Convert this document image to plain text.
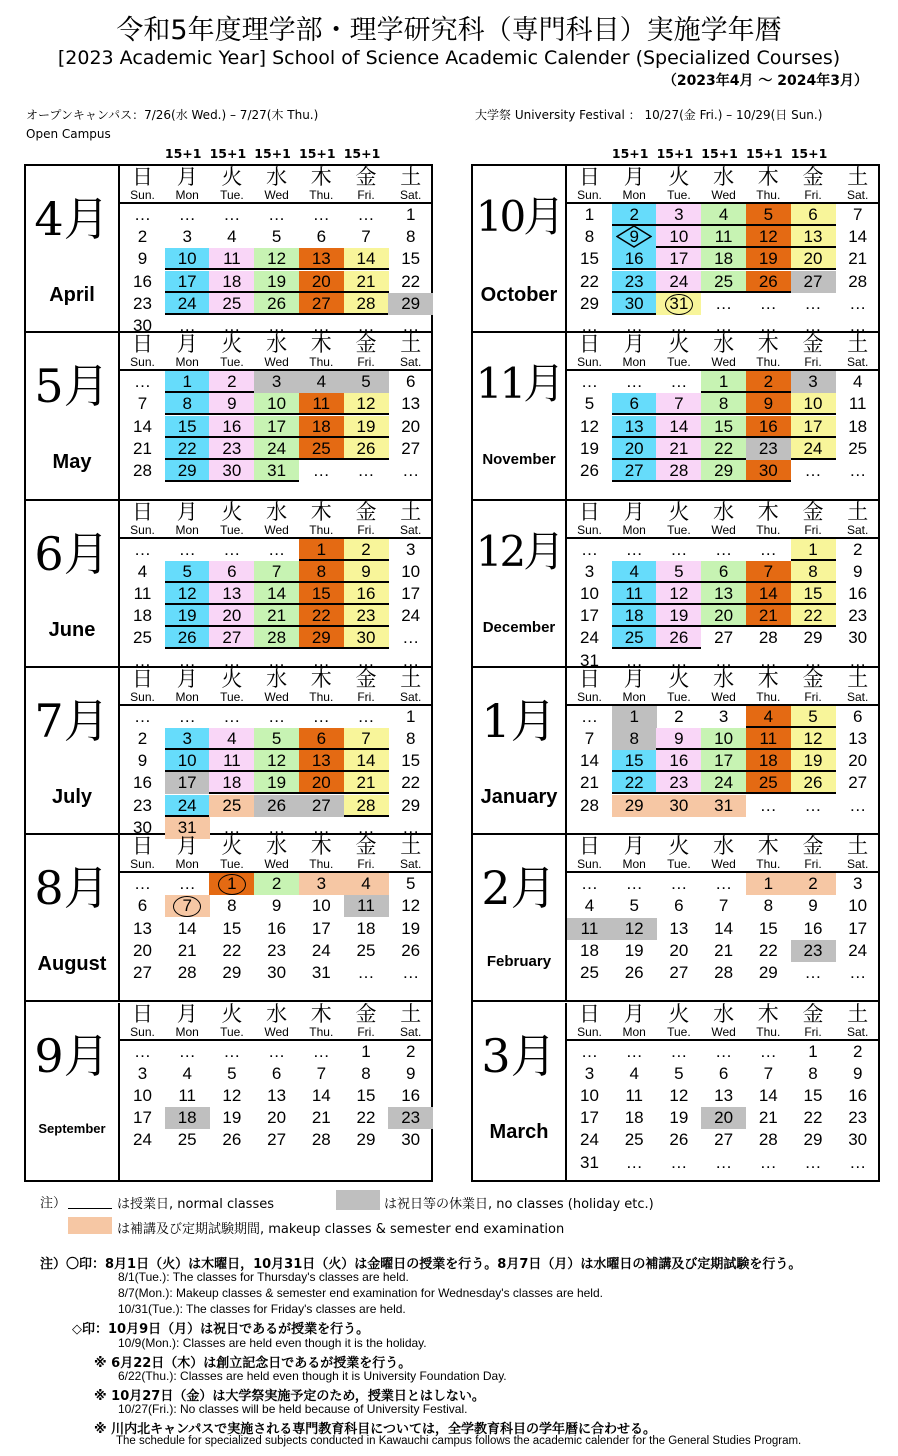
令和5年度理学部・理学研究科（専門科目）実施学年暦
[2023 Academic Year] School of Science Academic Calender (Specialized Courses)
（2023年4月 ～ 2024年3月）
オープンキャンパス：7/26(水 Wed.) – 7/27(木 Thu.)
Open Campus
大学祭 University Festival ： 10/27(金 Fri.) – 10/29(日 Sun.)
15+1 15+1 15+1 15+1 15+1	15+1 15+1 15+1 15+1 15+1
4月
April
日
Sun.
月
Mon
火
Tue.
水
Wed
木
Thu.
金
Fri.
土
Sat.
…	…	…	…	…	…	1
2	3	4	5	6	7	8
9	10	11	12	13	14	15
16	17	18	19	20	21	22
23	24	25	26	27	28	29
30	…	…	…	…	…	…
5月
May
日
Sun.
月
Mon
火
Tue.
水
Wed
木
Thu.
金
Fri.
土
Sat.
…	1	2	3	4	5	6
7	8	9	10	11	12	13
14	15	16	17	18	19	20
21	22	23	24	25	26	27
28	29	30	31	…	…	…
6月
June
日
Sun.
月
Mon
火
Tue.
水
Wed
木
Thu.
金
Fri.
土
Sat.
…	…	…	…	1	2	3
4	5	6	7	8	9	10
11	12	13	14	15	16	17
18	19	20	21	22	23	24
25	26	27	28	29	30	…
…	…	…	…	…	…	…
7月
July
日
Sun.
月
Mon
火
Tue.
水
Wed
木
Thu.
金
Fri.
土
Sat.
…	…	…	…	…	…	1
2	3	4	5	6	7	8
9	10	11	12	13	14	15
16	17	18	19	20	21	22
23	24	25	26	27	28	29
30	31	…	…	…	…	…
8月
August
日
Sun.
月
Mon
火
Tue.
水
Wed
木
Thu.
金
Fri.
土
Sat.
…	…	1	2	3	4	5
6	7	8	9	10	11	12
13	14	15	16	17	18	19
20	21	22	23	24	25	26
27	28	29	30	31	…	…
9月
September
日
Sun.
月
Mon
火
Tue.
水
Wed
木
Thu.
金
Fri.
土
Sat.
…	…	…	…	…	1	2
3	4	5	6	7	8	9
10	11	12	13	14	15	16
17	18	19	20	21	22	23
24	25	26	27	28	29	30
10月
October
日
Sun.
月
Mon
火
Tue.
水
Wed
木
Thu.
金
Fri.
土
Sat.
1	2	3	4	5	6	7
8	9	10	11	12	13	14
15	16	17	18	19	20	21
22	23	24	25	26	27	28
29	30	31	…	…	…	…
…	…	…	…	…	…	…
11月
November
日
Sun.
月
Mon
火
Tue.
水
Wed
木
Thu.
金
Fri.
土
Sat.
…	…	…	1	2	3	4
5	6	7	8	9	10	11
12	13	14	15	16	17	18
19	20	21	22	23	24	25
26	27	28	29	30	…	…
12月
December
日
Sun.
月
Mon
火
Tue.
水
Wed
木
Thu.
金
Fri.
土
Sat.
…	…	…	…	…	1	2
3	4	5	6	7	8	9
10	11	12	13	14	15	16
17	18	19	20	21	22	23
24	25	26	27	28	29	30
31	…	…	…	…	…	…
1月
January
日
Sun.
月
Mon
火
Tue.
水
Wed
木
Thu.
金
Fri.
土
Sat.
…	1	2	3	4	5	6
7	8	9	10	11	12	13
14	15	16	17	18	19	20
21	22	23	24	25	26	27
28	29	30	31	…	…	…
2月
February
日
Sun.
月
Mon
火
Tue.
水
Wed
木
Thu.
金
Fri.
土
Sat.
…	…	…	…	1	2	3
4	5	6	7	8	9	10
11	12	13	14	15	16	17
18	19	20	21	22	23	24
25	26	27	28	29	…	…
3月
March
日
Sun.
月
Mon
火
Tue.
水
Wed
木
Thu.
金
Fri.
土
Sat.
…	…	…	…	…	1	2
3	4	5	6	7	8	9
10	11	12	13	14	15	16
17	18	19	20	21	22	23
24	25	26	27	28	29	30
31	…	…	…	…	…	…
注）	は授業日, normal classes	は祝日等の休業日, no classes (holiday etc.)
は補講及び定期試験期間, makeup classes & semester end examination
注）〇印：8月1日（火）は木曜日，10月31日（火）は金曜日の授業を行う。8月7日（月）は水曜日の補講及び定期試験を行う。
8/1(Tue.): The classes for Thursday's classes are held.
8/7(Mon.): Makeup classes & semester end examination for Wednesday's classes are held.
10/31(Tue.): The classes for Friday's classes are held.
◇印：10月9日（月）は祝日であるが授業を行う。
10/9(Mon.): Classes are held even though it is the holiday.
※ 6月22日（木）は創立記念日であるが授業を行う。
6/22(Thu.): Classes are held even though it is University Foundation Day.
※ 10月27日（金）は大学祭実施予定のため，授業日とはしない。
10/27(Fri.): No classes will be held because of University Festival.
※ 川内北キャンパスで実施される専門教育科目については，全学教育科目の学年暦に合わせる。
The schedule for specialized subjects conducted in Kawauchi campus follows the academic calender for the General Studies Program.
